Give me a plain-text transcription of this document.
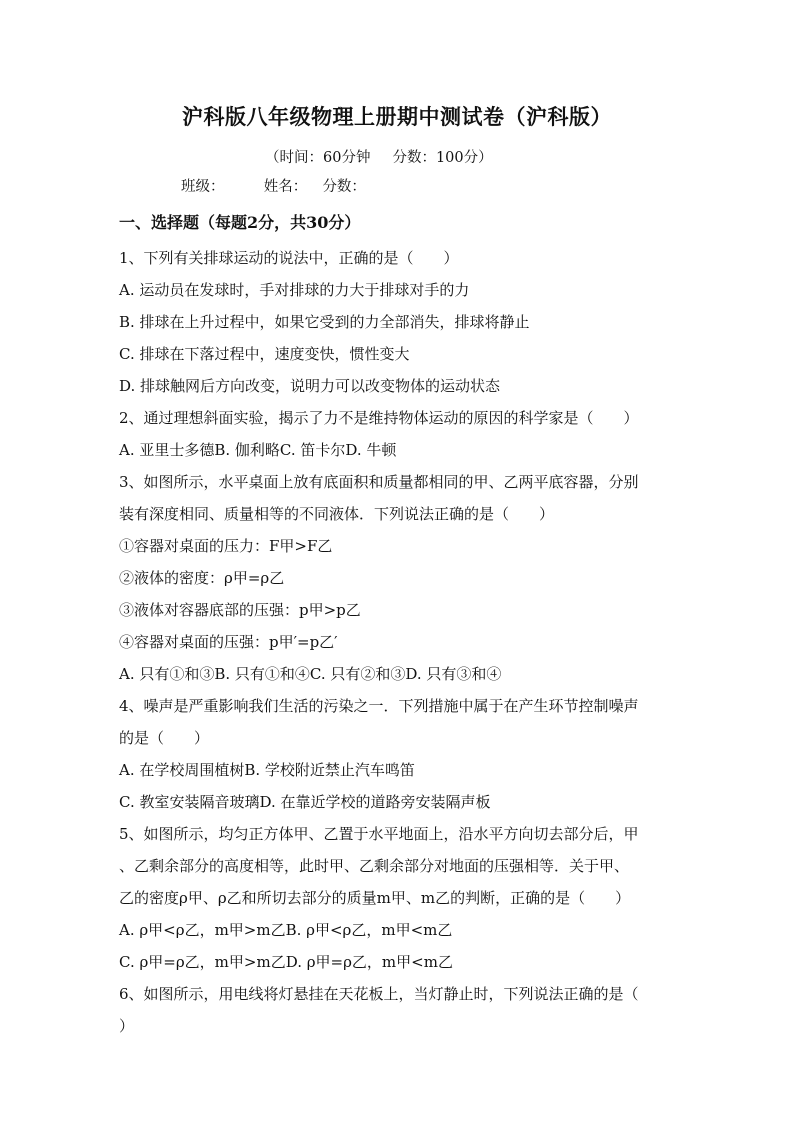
沪科版八年级物理上册期中测试卷（沪科版）
（时间：60分钟 分数：100分）
班级：	姓名： 分数：
一、选择题（每题2分，共30分）
1、下列有关排球运动的说法中，正确的是（　　）
A. 运动员在发球时，手对排球的力大于排球对手的力
B. 排球在上升过程中，如果它受到的力全部消失，排球将静止
C. 排球在下落过程中，速度变快，惯性变大
D. 排球触网后方向改变，说明力可以改变物体的运动状态
2、通过理想斜面实验，揭示了力不是维持物体运动的原因的科学家是（　　）
A. 亚里士多德B. 伽利略C. 笛卡尔D. 牛顿
3、如图所示，水平桌面上放有底面积和质量都相同的甲、乙两平底容器，分别
装有深度相同、质量相等的不同液体．下列说法正确的是（　　）
①容器对桌面的压力：F甲>F乙
②液体的密度：ρ甲=ρ乙
③液体对容器底部的压强：p甲>p乙
④容器对桌面的压强：p甲′=p乙′
A. 只有①和③B. 只有①和④C. 只有②和③D. 只有③和④
4、噪声是严重影响我们生活的污染之一．下列措施中属于在产生环节控制噪声
的是（　　）
A. 在学校周围植树B. 学校附近禁止汽车鸣笛
C. 教室安装隔音玻璃D. 在靠近学校的道路旁安装隔声板
5、如图所示，均匀正方体甲、乙置于水平地面上，沿水平方向切去部分后，甲
、乙剩余部分的高度相等，此时甲、乙剩余部分对地面的压强相等．关于甲、
乙的密度ρ甲、ρ乙和所切去部分的质量m甲、m乙的判断，正确的是（　　）
A. ρ甲<ρ乙，m甲>m乙B. ρ甲<ρ乙，m甲<m乙
C. ρ甲=ρ乙，m甲>m乙D. ρ甲=ρ乙，m甲<m乙
6、如图所示，用电线将灯悬挂在天花板上，当灯静止时，下列说法正确的是（
）
